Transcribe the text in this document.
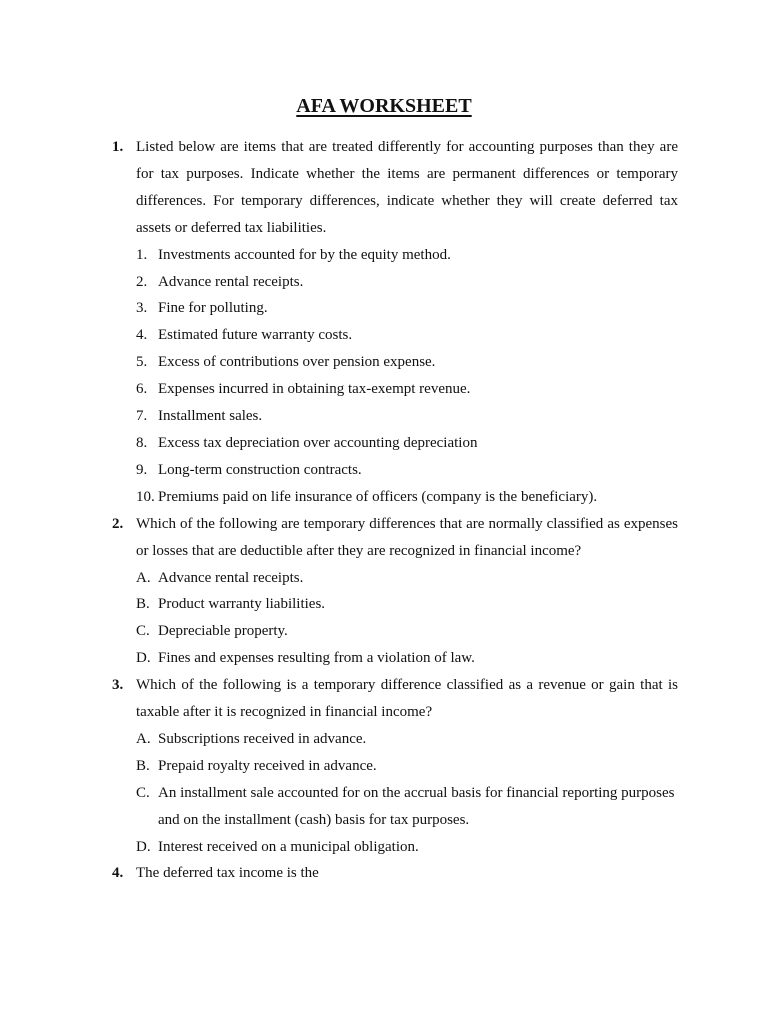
AFA WORKSHEET
1. Listed below are items that are treated differently for accounting purposes than they are for tax purposes. Indicate whether the items are permanent differences or temporary differences. For temporary differences, indicate whether they will create deferred tax assets or deferred tax liabilities.
1. Investments accounted for by the equity method.
2. Advance rental receipts.
3. Fine for polluting.
4. Estimated future warranty costs.
5. Excess of contributions over pension expense.
6. Expenses incurred in obtaining tax-exempt revenue.
7. Installment sales.
8. Excess tax depreciation over accounting depreciation
9. Long-term construction contracts.
10. Premiums paid on life insurance of officers (company is the beneficiary).
2. Which of the following are temporary differences that are normally classified as expenses or losses that are deductible after they are recognized in financial income?
A. Advance rental receipts.
B. Product warranty liabilities.
C. Depreciable property.
D. Fines and expenses resulting from a violation of law.
3. Which of the following is a temporary difference classified as a revenue or gain that is taxable after it is recognized in financial income?
A. Subscriptions received in advance.
B. Prepaid royalty received in advance.
C. An installment sale accounted for on the accrual basis for financial reporting purposes and on the installment (cash) basis for tax purposes.
D. Interest received on a municipal obligation.
4. The deferred tax income is the
